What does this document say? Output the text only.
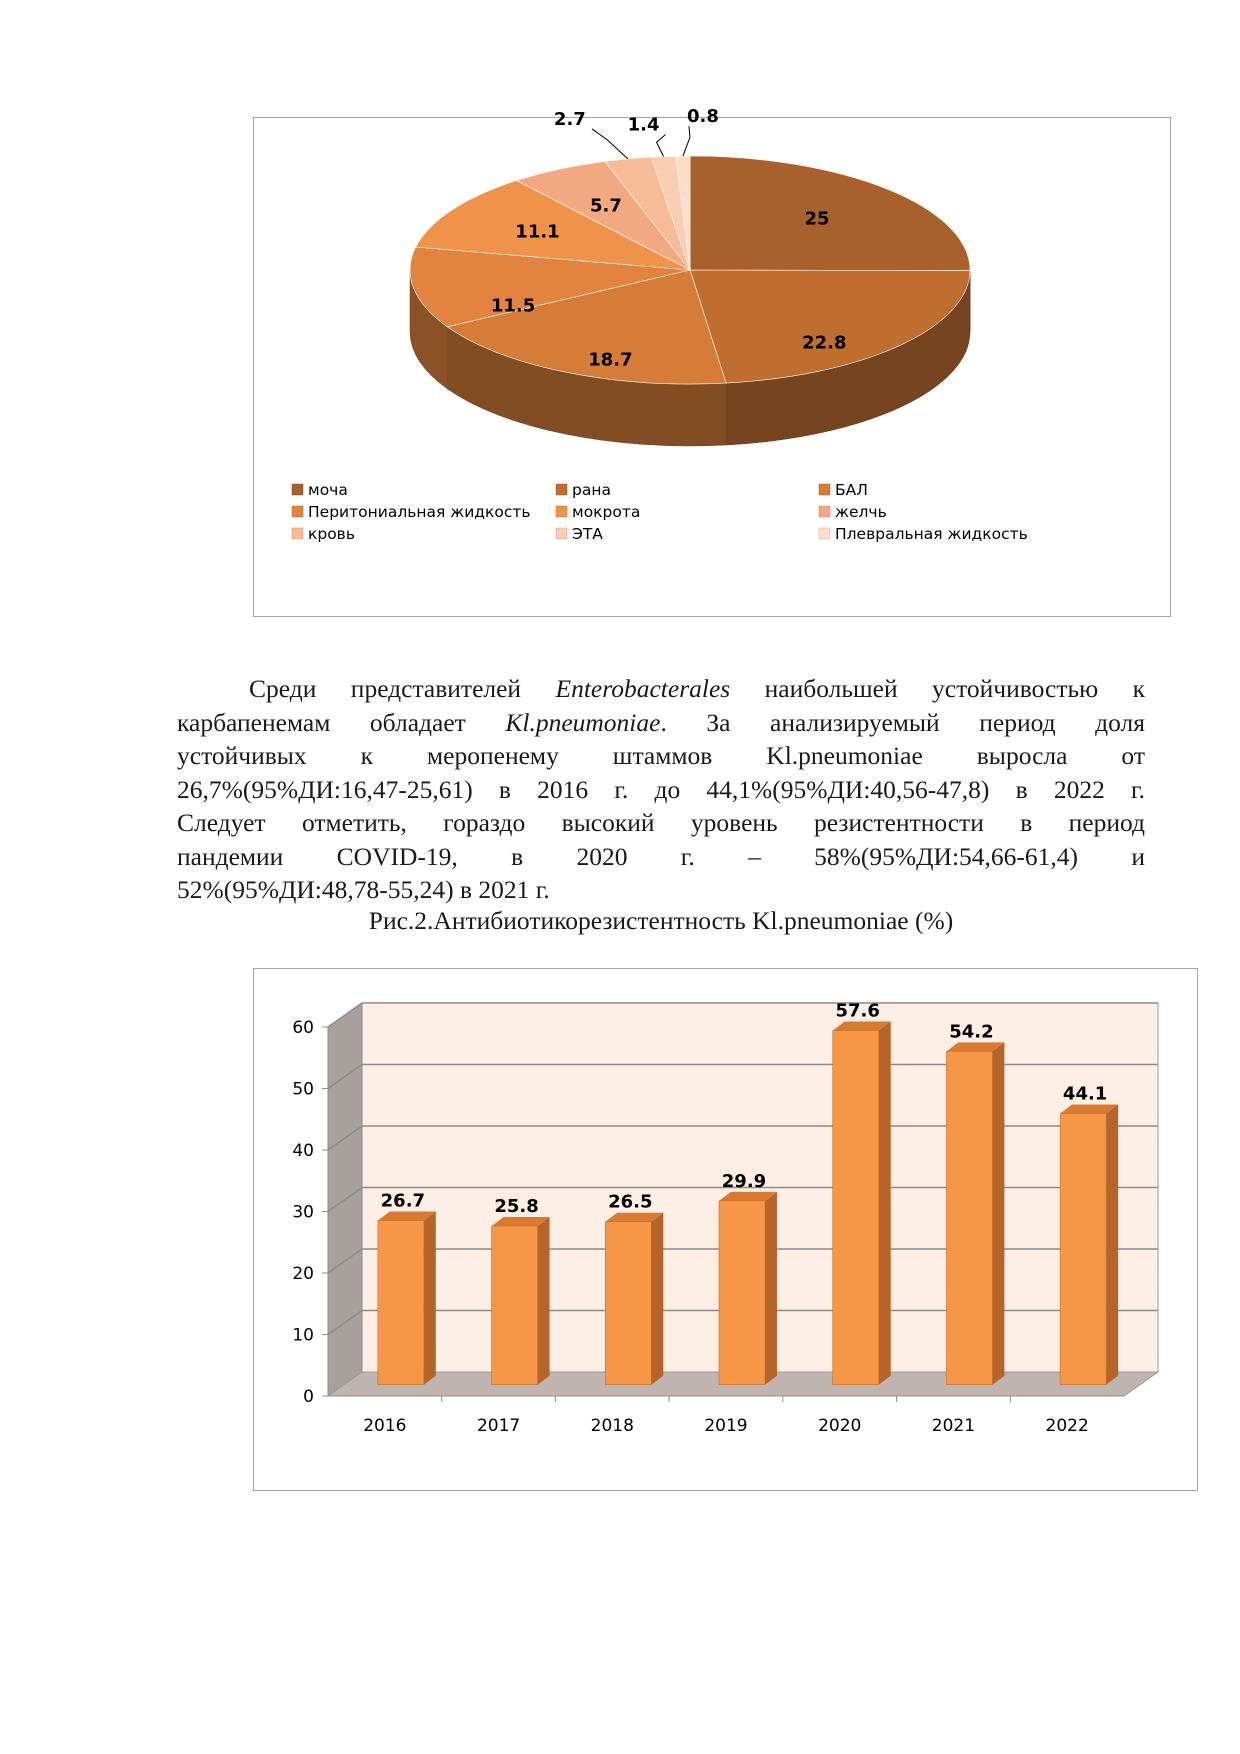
25
22.8
18.7
11.5
11.1
5.7
2.7 1.4 0.8
моча	рана	БАЛ
Перитониальная жидкость	мокрота	желчь
кровь	ЭТА	Плевральная жидкость
Среди представителей Enterobacterales наибольшей устойчивостью к
карбапенемам обладает Kl.pneumoniae. За анализируемый период доля
устойчивых к меропенему штаммов Kl.pneumoniae выросла от
26,7%(95%ДИ:16,47-25,61) в 2016 г. до 44,1%(95%ДИ:40,56-47,8) в 2022 г.
Следует отметить, гораздо высокий уровень резистентности в период
пандемии COVID-19, в 2020 г. – 58%(95%ДИ:54,66-61,4) и
52%(95%ДИ:48,78-55,24) в 2021 г.
Рис.2.Антибиотикорезистентность Kl.pneumoniae (%)
0
10
20
30
40
50
60
26.7
2016
25.8
2017
26.5
2018
29.9
2019
57.6
2020
54.2
2021
44.1
2022
